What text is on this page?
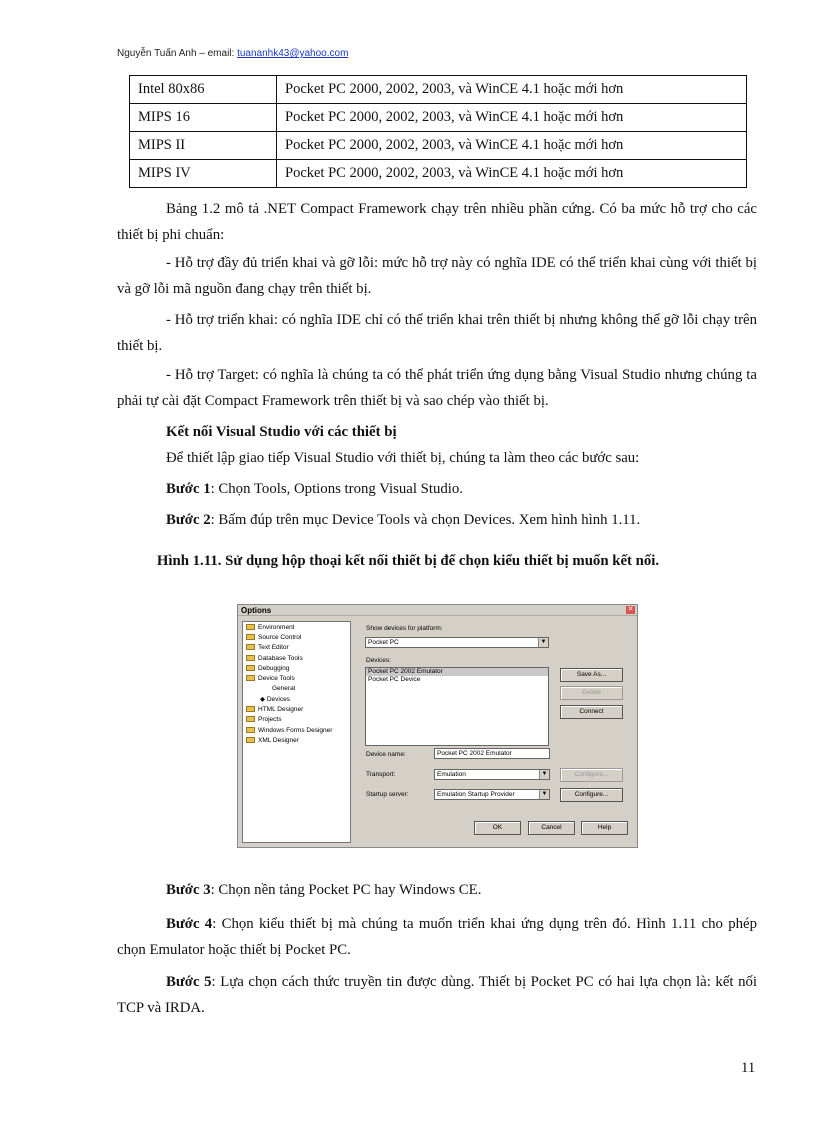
Nguyễn Tuấn Anh – email: tuananhk43@yahoo.com
Intel 80x86	Pocket PC 2000, 2002, 2003, và WinCE 4.1 hoặc mới hơn
MIPS 16	Pocket PC 2000, 2002, 2003, và WinCE 4.1 hoặc mới hơn
MIPS II	Pocket PC 2000, 2002, 2003, và WinCE 4.1 hoặc mới hơn
MIPS IV	Pocket PC 2000, 2002, 2003, và WinCE 4.1 hoặc mới hơn
Bảng 1.2 mô tả .NET Compact Framework chạy trên nhiều phần cứng. Có ba mức hỗ trợ cho các thiết bị phi chuẩn:
- Hỗ trợ đầy đủ triển khai và gỡ lỗi: mức hỗ trợ này có nghĩa IDE có thể triển khai cùng với thiết bị và gỡ lỗi mã nguồn đang chạy trên thiết bị.
- Hỗ trợ triển khai: có nghĩa IDE chỉ có thể triển khai trên thiết bị nhưng không thể gỡ lỗi chạy trên thiết bị.
- Hỗ trợ Target: có nghĩa là chúng ta có thể phát triển ứng dụng bằng Visual Studio nhưng chúng ta phải tự cài đặt Compact Framework trên thiết bị và sao chép vào thiết bị.
Kết nối Visual Studio với các thiết bị
Để thiết lập giao tiếp Visual Studio với thiết bị, chúng ta làm theo các bước sau:
Bước 1: Chọn Tools, Options trong Visual Studio.
Bước 2: Bấm đúp trên mục Device Tools và chọn Devices. Xem hình hình 1.11.
Hình 1.11. Sử dụng hộp thoại kết nối thiết bị để chọn kiểu thiết bị muốn kết nối.
Options	✕
Environment
Source Control
Text Editor
Database Tools
Debugging
Device Tools
General
◆ Devices
HTML Designer
Projects
Windows Forms Designer
XML Designer
Show devices for platform:
Pocket PC	▼
Devices:
Pocket PC 2002 Emulator
Pocket PC Device
Save As...
Delete
Connect
Device name:	Pocket PC 2002 Emulator
Transport:	Emulation	▼	Configure...
Startup server:	Emulation Startup Provider	▼	Configure...
OK	Cancel	Help
Bước 3: Chọn nền tảng Pocket PC hay Windows CE.
Bước 4: Chọn kiểu thiết bị mà chúng ta muốn triển khai ứng dụng trên đó. Hình 1.11 cho phép chọn Emulator hoặc thiết bị Pocket PC.
Bước 5: Lựa chọn cách thức truyền tin được dùng. Thiết bị Pocket PC có hai lựa chọn là: kết nối TCP và IRDA.
11
